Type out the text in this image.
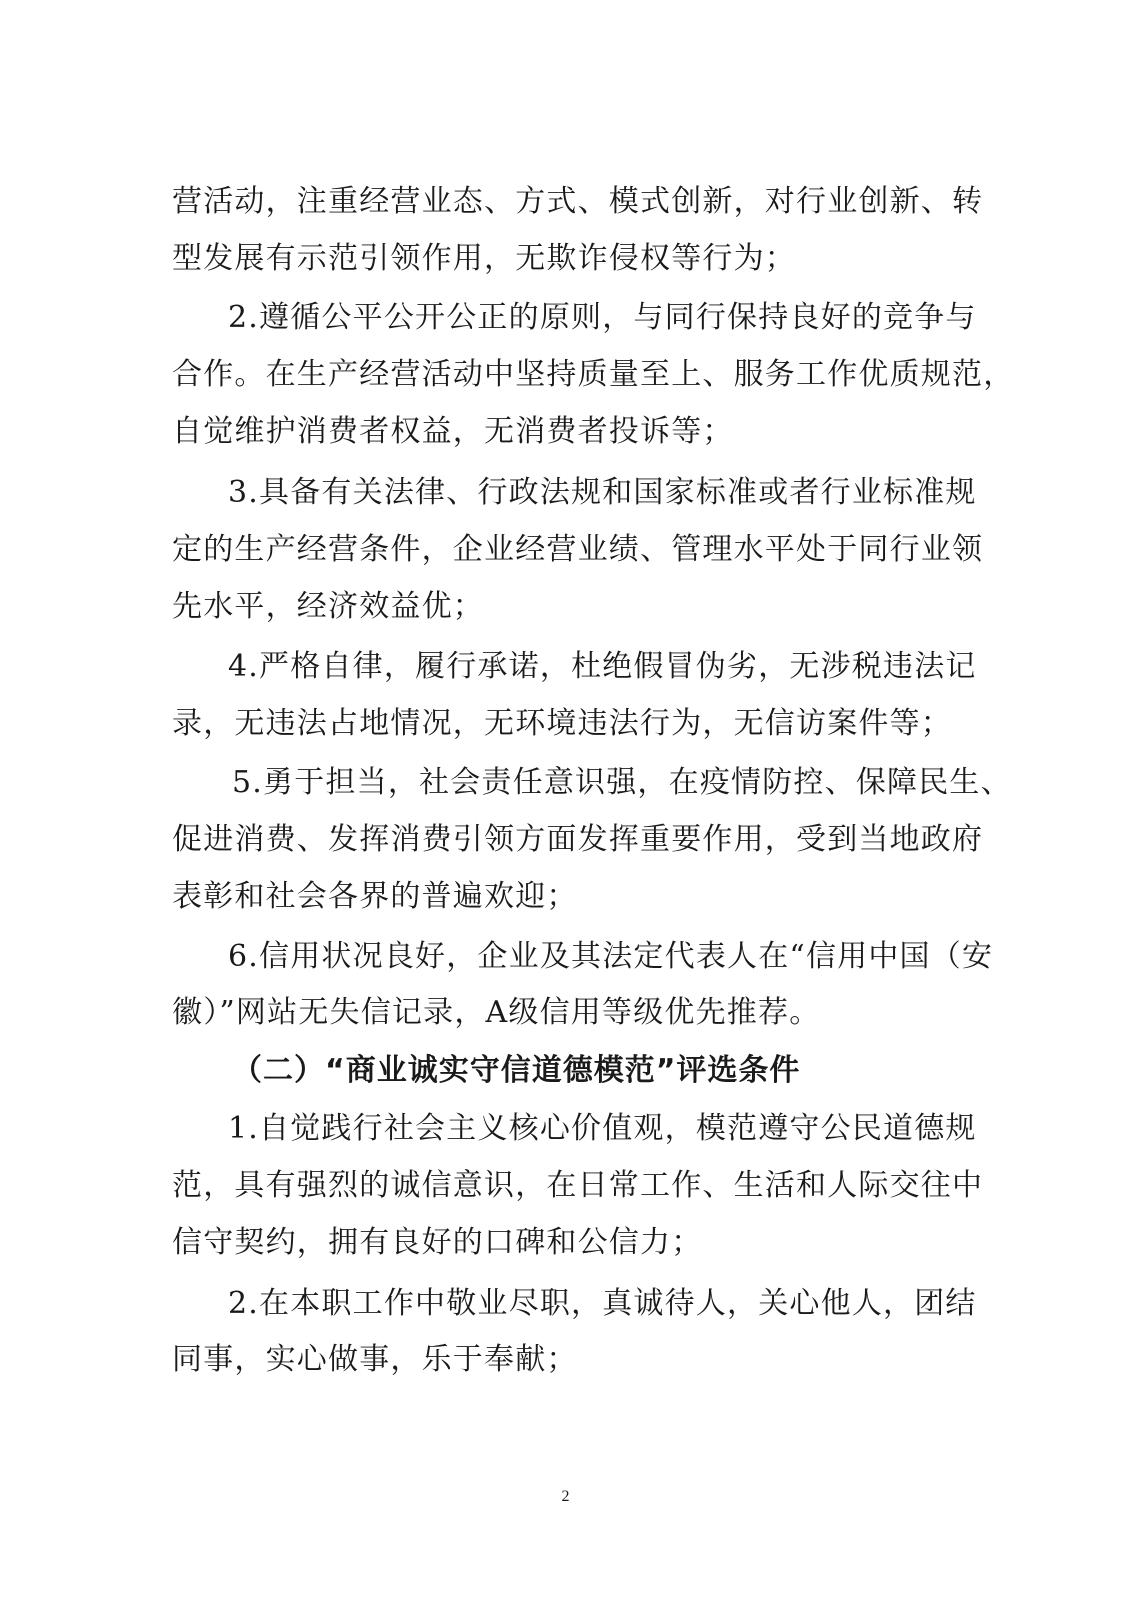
营活动，注重经营业态、方式、模式创新，对行业创新、转
型发展有示范引领作用，无欺诈侵权等行为；
2.遵循公平公开公正的原则，与同行保持良好的竞争与
合作。在生产经营活动中坚持质量至上、服务工作优质规范，
自觉维护消费者权益，无消费者投诉等；
3.具备有关法律、行政法规和国家标准或者行业标准规
定的生产经营条件，企业经营业绩、管理水平处于同行业领
先水平，经济效益优；
4.严格自律，履行承诺，杜绝假冒伪劣，无涉税违法记
录，无违法占地情况，无环境违法行为，无信访案件等；
5.勇于担当，社会责任意识强，在疫情防控、保障民生、
促进消费、发挥消费引领方面发挥重要作用，受到当地政府
表彰和社会各界的普遍欢迎；
6.信用状况良好，企业及其法定代表人在“信用中国（安
徽）”网站无失信记录，A级信用等级优先推荐。
（二）“商业诚实守信道德模范”评选条件
1.自觉践行社会主义核心价值观，模范遵守公民道德规
范，具有强烈的诚信意识，在日常工作、生活和人际交往中
信守契约，拥有良好的口碑和公信力；
2.在本职工作中敬业尽职，真诚待人，关心他人，团结
同事，实心做事，乐于奉献；
2
